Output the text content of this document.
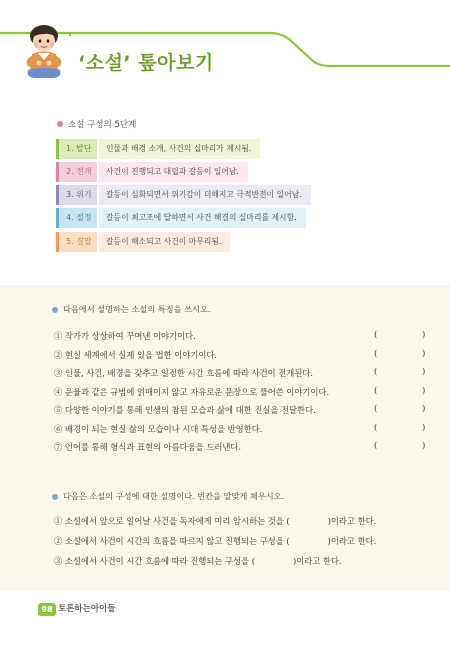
‘소설’ 톺아보기
소설 구성의 5단계
1. 발단	인물과 배경 소개, 사건의 실마리가 제시됨.
2. 전개	사건이 진행되고 대립과 갈등이 일어남.
3. 위기	갈등이 심화되면서 위기감이 더해지고 극적반전이 일어남.
4. 절정	갈등이 최고조에 달하면서 사건 해결의 실마리를 제시함.
5. 결말	갈등이 해소되고 사건이 마무리됨.
다음에서 설명하는 소설의 특징을 쓰시오.
① 작가가 상상하여 꾸며낸 이야기이다.	(	)
② 현실 세계에서 실제 있을 법한 이야기이다.	(	)
③ 인물, 사건, 배경을 갖추고 일정한 시간 흐름에 따라 사건이 전개된다.	(	)
④ 운율과 같은 규범에 얽매이지 않고 자유로운 문장으로 풀어쓴 이야기이다.	(	)
⑤ 다양한 이야기를 통해 인생의 참된 모습과 삶에 대한 진실을 전달한다.	(	)
⑥ 배경이 되는 현실 삶의 모습이나 시대 특성을 반영한다.	(	)
⑦ 언어를 통해 형식과 표현의 아름다움을 드러낸다.	(	)
다음은 소설의 구성에 대한 설명이다. 빈칸을 알맞게 채우시오.
① 소설에서 앞으로 일어날 사건을 독자에게 미리 암시하는 것을 (	)이라고 한다.
② 소설에서 사건이 시간의 흐름을 따르지 않고 진행되는 구성을 (	)이라고 한다.
③ 소설에서 사건이 시간 흐름에 따라 진행되는 구성을 (	)이라고 한다.
98 토론하는아이들
